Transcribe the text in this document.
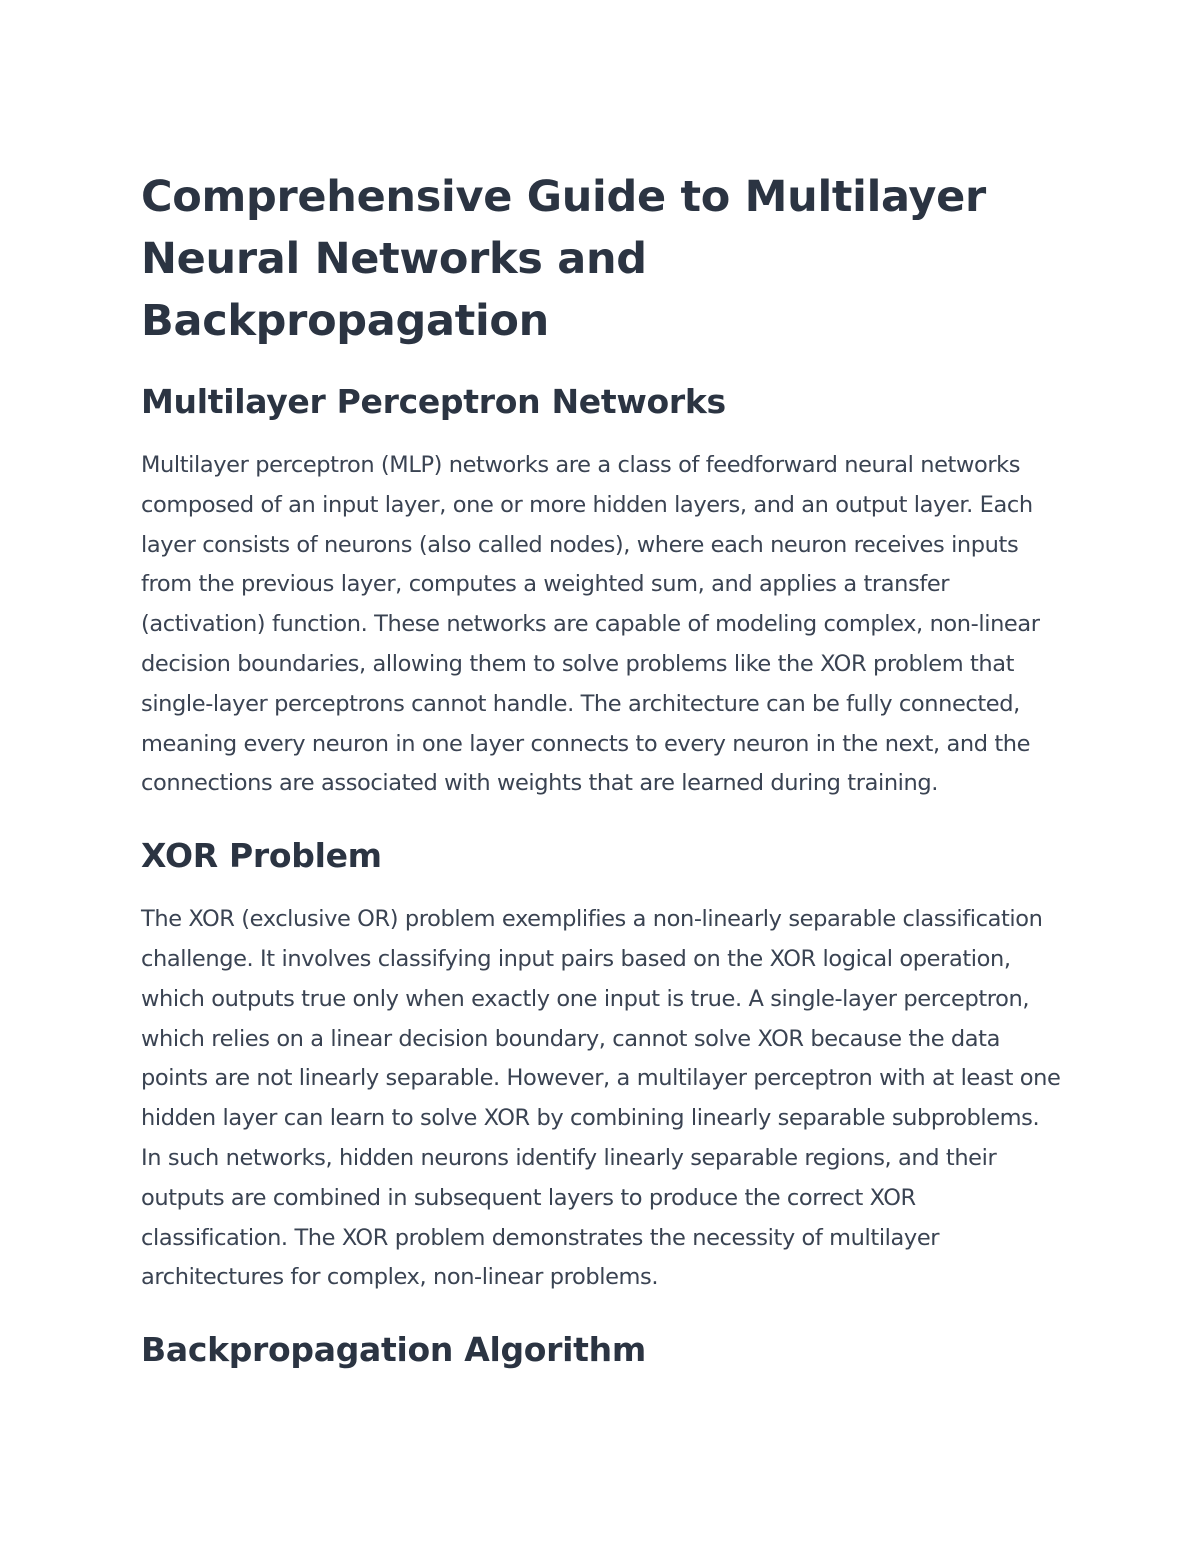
Comprehensive Guide to Multilayer Neural Networks and Backpropagation
Multilayer Perceptron Networks

Multilayer perceptron (MLP) networks are a class of feedforward neural networks composed of an input layer, one or more hidden layers, and an output layer. Each layer consists of neurons (also called nodes), where each neuron receives inputs from the previous layer, computes a weighted sum, and applies a transfer (activation) function. These networks are capable of modeling complex, non-linear decision boundaries, allowing them to solve problems like the XOR problem that single-layer perceptrons cannot handle. The architecture can be fully connected, meaning every neuron in one layer connects to every neuron in the next, and the connections are associated with weights that are learned during training.

XOR Problem

The XOR (exclusive OR) problem exemplifies a non-linearly separable classification challenge. It involves classifying input pairs based on the XOR logical operation, which outputs true only when exactly one input is true. A single-layer perceptron, which relies on a linear decision boundary, cannot solve XOR because the data points are not linearly separable. However, a multilayer perceptron with at least one hidden layer can learn to solve XOR by combining linearly separable subproblems. In such networks, hidden neurons identify linearly separable regions, and their outputs are combined in subsequent layers to produce the correct XOR classification. The XOR problem demonstrates the necessity of multilayer architectures for complex, non-linear problems.

Backpropagation Algorithm
